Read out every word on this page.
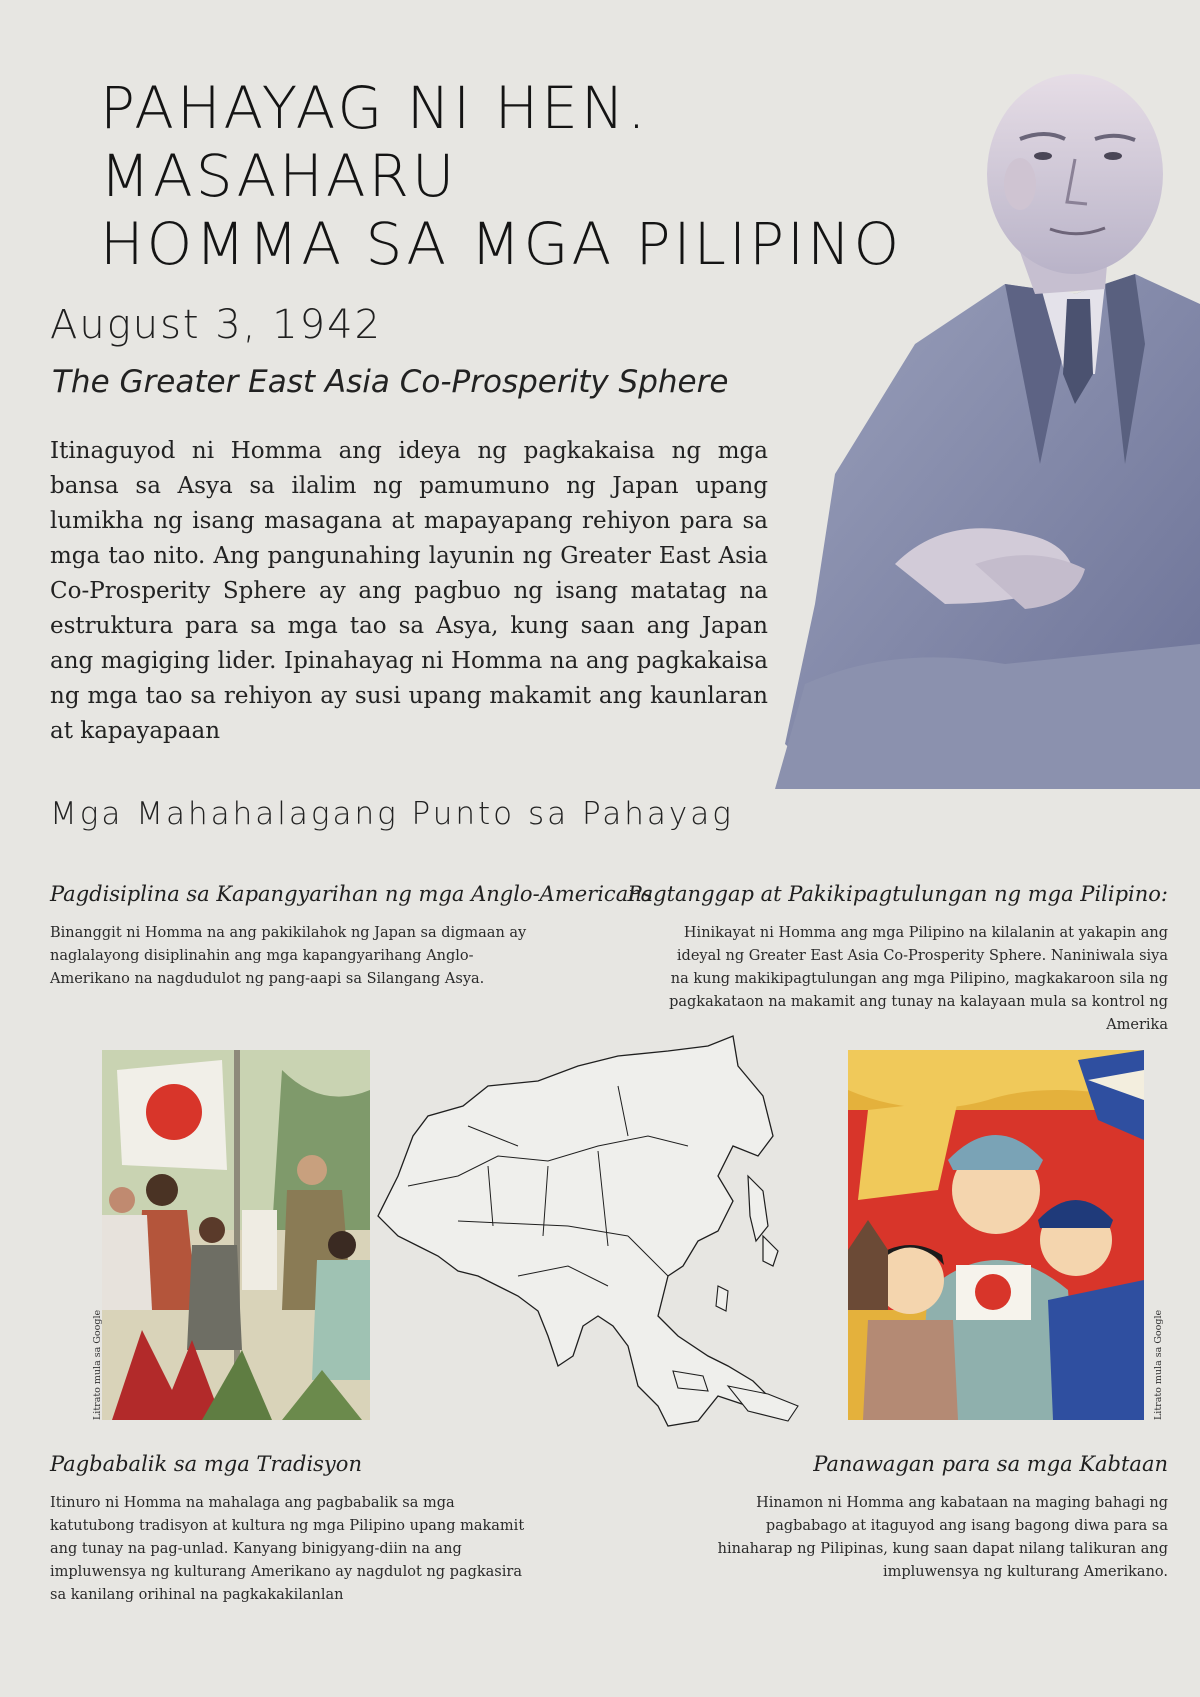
PAHAYAG NI HEN. MASAHARU
HOMMA SA MGA PILIPINO
August 3, 1942
The Greater East Asia Co-Prosperity Sphere

Itinaguyod ni Homma ang ideya ng pagkakaisa ng mga bansa sa Asya sa ilalim ng pamumuno ng Japan upang lumikha ng isang masagana at mapayapang rehiyon para sa mga tao nito. Ang pangunahing layunin ng Greater East Asia Co-Prosperity Sphere ay ang pagbuo ng isang matatag na estruktura para sa mga tao sa Asya, kung saan ang Japan ang magiging lider. Ipinahayag ni Homma na ang pagkakaisa ng mga tao sa rehiyon ay susi upang makamit ang kaunlaran at kapayapaan

Mga Mahahalagang Punto sa Pahayag
Pagdisiplina sa Kapangyarihan ng mga Anglo-Americans

Binanggit ni Homma na ang pakikilahok ng Japan sa digmaan ay naglalayong disiplinahin ang mga kapangyarihang Anglo-Amerikano na nagdudulot ng pang-aapi sa Silangang Asya.

Pagtanggap at Pakikipagtulungan ng mga Pilipino:

Hinikayat ni Homma ang mga Pilipino na kilalanin at yakapin ang ideyal ng Greater East Asia Co-Prosperity Sphere. Naniniwala siya na kung makikipagtulungan ang mga Pilipino, magkakaroon sila ng pagkakataon na makamit ang tunay na kalayaan mula sa kontrol ng Amerika

Litrato mula sa Google	Litrato mula sa Google
Pagbabalik sa mga Tradisyon

Itinuro ni Homma na mahalaga ang pagbabalik sa mga katutubong tradisyon at kultura ng mga Pilipino upang makamit ang tunay na pag-unlad. Kanyang binigyang-diin na ang impluwensya ng kulturang Amerikano ay nagdulot ng pagkasira sa kanilang orihinal na pagkakakilanlan

Panawagan para sa mga Kabtaan

Hinamon ni Homma ang kabataan na maging bahagi ng pagbabago at itaguyod ang isang bagong diwa para sa hinaharap ng Pilipinas, kung saan dapat nilang talikuran ang impluwensya ng kulturang Amerikano.
